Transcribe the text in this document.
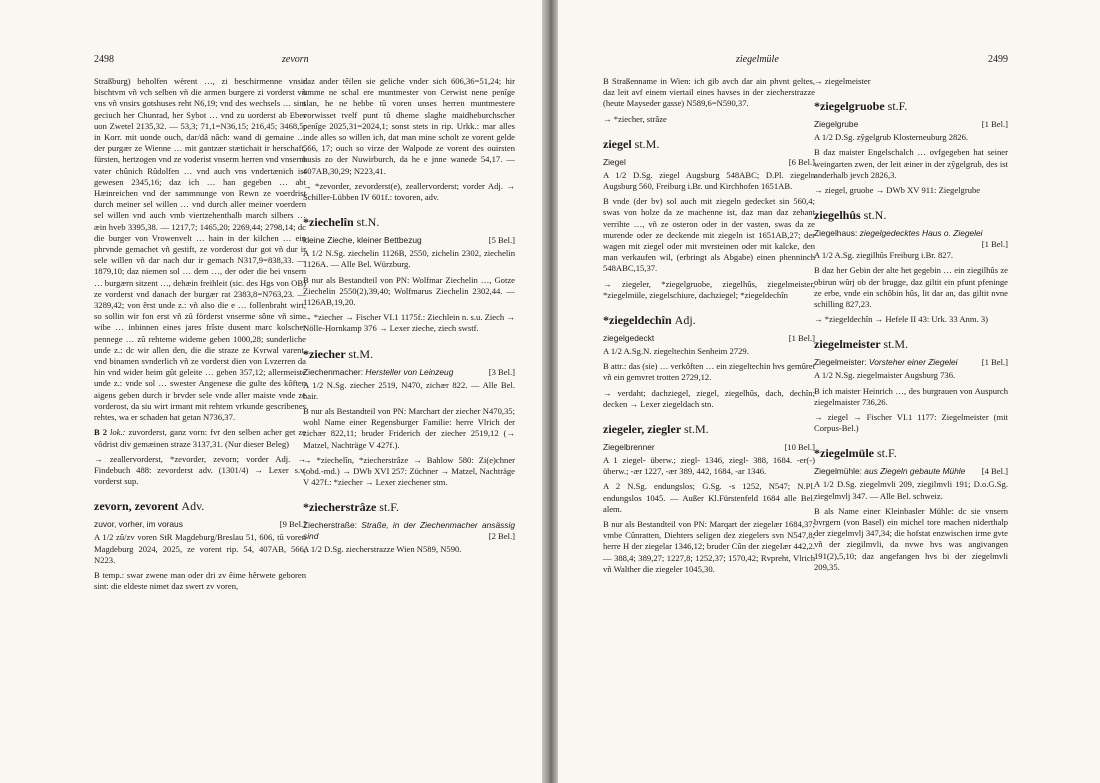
2498	zevorn

Straßburg) beholfen wèrent …, zi beschirmenne vnsir bischtvm vñ vch selben vñ die armen burgere zi vorderst vñ vns vñ vnsirs gotshuses reht N6,19; vnd des wechsels … sint geciuch her Chunrad, her Sybot … vnd zu uorderst ab Eber uon Zwetel 2135,32. — 53,3; 71,1=N36,15; 216,45; 3468,5; in Korr. mit uonde ouch, dar/dâ nâch: wand di gemaine … der purgær ze Wienne … mit gantzær stætichait ir herschaft, fürsten, hertzogen vnd ze voderist vnserm herren vnd vnserm vater chûnich Rûdolfen … vnd auch vns vndertænich ist gewesen 2345,16; daz ich … han gegeben … abt Hæinreichen vnd der sammnunge von Rewn ze voerdrist durch meiner sel willen … vnd durch aller meiner voerdern sel willen vnd auch vmb viertzehenthalb march silbers … æin hveb 3395,38. — 1217,7; 1465,20; 2269,44; 2798,14; dc die burger von Vrowenvelt … hain in der kilchen … ein phrvnde gemachet vñ gestift, ze vorderost dur got vñ dur ir sele willen vñ dar nach dur ir gemach N317,9=838,33. — 1879,10; daz niemen sol … dem …, der oder die bei vnsern … burgærn sitzent …, dehæin freihleit (sic. des Hgs von OB) ze vorderst vnd danach der burgær rat 2383,8=N763,23. — 3289,42; von êrst unde z.: vñ also die e … follenbraht wirt, so sollin wir fon erst vñ zû förderst vnserme sône vñ sime wibe … inbinnen eines jares frîste dusent marc kolscher pennege … zû rehteme wideme geben 1000,28; sunderliche unde z.: dc wir allen den, die die straze ze Kvrwal varent, vnd binamen svnderlich vñ ze vorderst dien von Lvzerren da hin vnd wider heim gût geleite … geben 357,12; allermeiste unde z.: vnde sol … swester Angenese die gulte des kôften aigens geben durch ir brvder sele vnde aller maiste vnde ze vorderost, da siu wirt irmant mit rehtem vrkunde gescribenes rehtes, wa er schaden hat getan N736,37.

B 2 lok.: zuvorderst, ganz vorn: fvr den selben acher get ze vôdrist div gemæinen straze 3137,31. (Nur dieser Beleg)

→ zeallervorderst, *zevorder, zevorn; vorder Adj. → Findebuch 488: zevorderst adv. (1301/4) → Lexer s.v. vorderst sup.

zevorn, zevorent Adv.
zuvor, vorher, im voraus	[9 Bel.]

A 1/2 zû/zv voren StR Magdeburg/Breslau 51, 606, tû voren Magdeburg 2024, 2025, ze vorent rip. 54, 407AB, 566, N223.

B temp.: swar zwene man oder dri zv êime hêrwete geboren sint: die eldeste nimet daz swert zv voren,

daz ander têilen sie geliche vnder sich 606,36=51,24; hir umme ne schal ere muntmester von Cerwist nene penîge slan, he ne hebbe tû voren unses herren muntmestere vorwisset tvelf punt tû dheme slaghe maidheburchscher penîge 2025,31=2024,1; sonst stets in rip. Urkk.: mar alles inde alles so willen ich, dat man mine scholt ze vorent gelde 566, 17; ouch so virze der Walpode ze vorent des ouirsten husis zo der Nuwirburch, da he e jnne wanede 54,17. — 407AB,30,29; N223,41.

→ *zevorder, zevorderst(e), zeallervorderst; vorder Adj. → Schiller-Lübben IV 601f.: tovoren, adv.

*ziechelîn st.N.
kleine Zieche, kleiner Bettbezug	[5 Bel.]

A 1/2 N.Sg. ziechelin 1126B, 2550, zichelin 2302, ziechelin 1126A. — Alle Bel. Würzburg.

B nur als Bestandteil von PN: Wolfmar Ziechelin …, Gotze Ziechelin 2550(2),39,40; Wolfmarus Ziechelin 2302,44. — 1126AB,19,20.

→ *ziecher → Fischer VI.1 1175f.: Ziechlein n. s.u. Ziech → Nölle-Hornkamp 376 → Lexer zieche, ziech swstf.

*ziecher st.M.
Ziechenmacher: Hersteller von Leinzeug	[3 Bel.]

A 1/2 N.Sg. ziecher 2519, N470, zichær 822. — Alle Bel. bair.

B nur als Bestandteil von PN: Marchart der ziecher N470,35; wohl Name einer Regensburger Familie: herre Vlrich der zichær 822,11; bruder Friderich der ziecher 2519,12 (→ Matzel, Nachträge V 427f.).

→ *ziechelîn, *ziecherstrâze → Bahlow 580: Zi(e)chner (obd.-md.) → DWb XVI 257: Züchner → Matzel, Nachträge V 427f.: *ziecher → Lexer ziechener stm.

*ziecherstrâze st.F.
Ziecherstraße: Straße, in der Ziechenmacher ansässig sind	[2 Bel.]

A 1/2 D.Sg. ziecherstrazze Wien N589, N590.

ziegelmüle	2499

B Straßenname in Wien: ich gib avch dar ain phvnt geltes, daz leit avf einem viertail eines havses in der ziecherstrazze (heute Mayseder gasse) N589,6=N590,37.

→ *ziecher, strâze

ziegel st.M.
Ziegel	[6 Bel.]

A 1/2 D.Sg. ziegel Augsburg 548ABC; D.Pl. ziegeln Augsburg 560, Freiburg i.Br. und Kirchhofen 1651AB.

B vnde (der bv) sol auch mit ziegeln gedecket sin 560,4; swas von holze da ze machenne ist, daz man daz zehant verrihte …, vñ ze osteron oder in der vasten, swas da ze murende oder ze deckende mit ziegeln ist 1651AB,27; der wagen mit ziegel oder mit mvrsteinen oder mit kalcke, den man verkaufen wil, (erbringt als Abgabe) einen phenninch 548ABC,15,37.

→ ziegeler, *ziegelgruobe, ziegelhûs, ziegelmeister, *ziegelmüle, ziegelschiure, dachziegel; *ziegeldechîn

*ziegeldechîn Adj.
ziegelgedeckt	[1 Bel.]

A 1/2 A.Sg.N. ziegeltechin Senheim 2729.

B attr.: das (sie) … verkôften … ein ziegeltechin hvs gemûret vñ ein gemvret trotten 2729,12.

→ verdaht; dachziegel, ziegel, ziegelhûs, dach, dechîn; decken → Lexer ziegeldach stn.

ziegeler, ziegler st.M.
Ziegelbrenner	[10 Bel.]

A 1 ziegel- überw.; ziegl- 1346, ziegl- 388, 1684. -er(-) überw.; -ær 1227, -ær 389, 442, 1684, -ar 1346.

A 2 N.Sg. endungslos; G.Sg. -s 1252, N547; N.Pl. endungslos 1045. — Außer Kl.Fürstenfeld 1684 alle Bel. alem.

B nur als Bestandteil von PN: Marqart der ziegelær 1684,37; vmbe Cûnratten, Diehters seligen dez ziegelers svn N547,8; herre H der ziegelar 1346,12; bruder Cûn der ziegeIær 442,2. — 388,4; 389,27; 1227,8; 1252,37; 1570,42; Rvpreht, Vlrich vñ Walther die ziegeler 1045,30.

→ ziegelmeister

*ziegelgruobe st.F.
Ziegelgrube	[1 Bel.]

A 1/2 D.Sg. zŷgelgrub Klosterneuburg 2826.

B daz maister Engelschalch … ovfgegeben hat seiner weingarten zwen, der leit æiner in der zŷgelgrub, des ist anderhalb jevch 2826,3.

→ ziegel, gruobe → DWb XV 911: Ziegelgrube

ziegelhûs st.N.
Ziegelhaus: ziegelgedecktes Haus o. Ziegelei
[1 Bel.]

A 1/2 A.Sg. ziegilhûs Freiburg i.Br. 827.

B daz her Gebin der alte het gegebin … ein ziegilhûs ze obirun wûrj ob der brugge, daz giltit ein pfunt pfeninge ze erbe, vnde ein schôbin hûs, lit dar an, das giltit nvne schilling 827,23.

→ *ziegeldechîn → Hefele II 43: Urk. 33 Anm. 3)

ziegelmeister st.M.
Ziegelmeister: Vorsteher einer Ziegelei	[1 Bel.]

A 1/2 N.Sg. ziegelmaister Augsburg 736.

B ich maister Heinrich …, des burgrauen von Auspurch ziegelmaister 736,26.

→ ziegel → Fischer VI.1 1177: Ziegelmeister (mit Corpus-Bel.)

*ziegelmüle st.F.
Ziegelmühle: aus Ziegeln gebaute Mühle [4 Bel.]

A 1/2 D.Sg. ziegelmvli 209, ziegilmvli 191; D.o.G.Sg. ziegelmvlj 347. — Alle Bel. schweiz.

B als Name einer Kleinbasler Mühle: dc sie vnsern bvrgern (von Basel) ein michel tore machen niderthalp der ziegelmvlj 347,34; die hofstat enzwischen irme gvte vñ der ziegilmvli, da nvwe hvs was angivangen 191(2),5,10; daz angefangen hvs bi der ziegelmvli 209,35.
